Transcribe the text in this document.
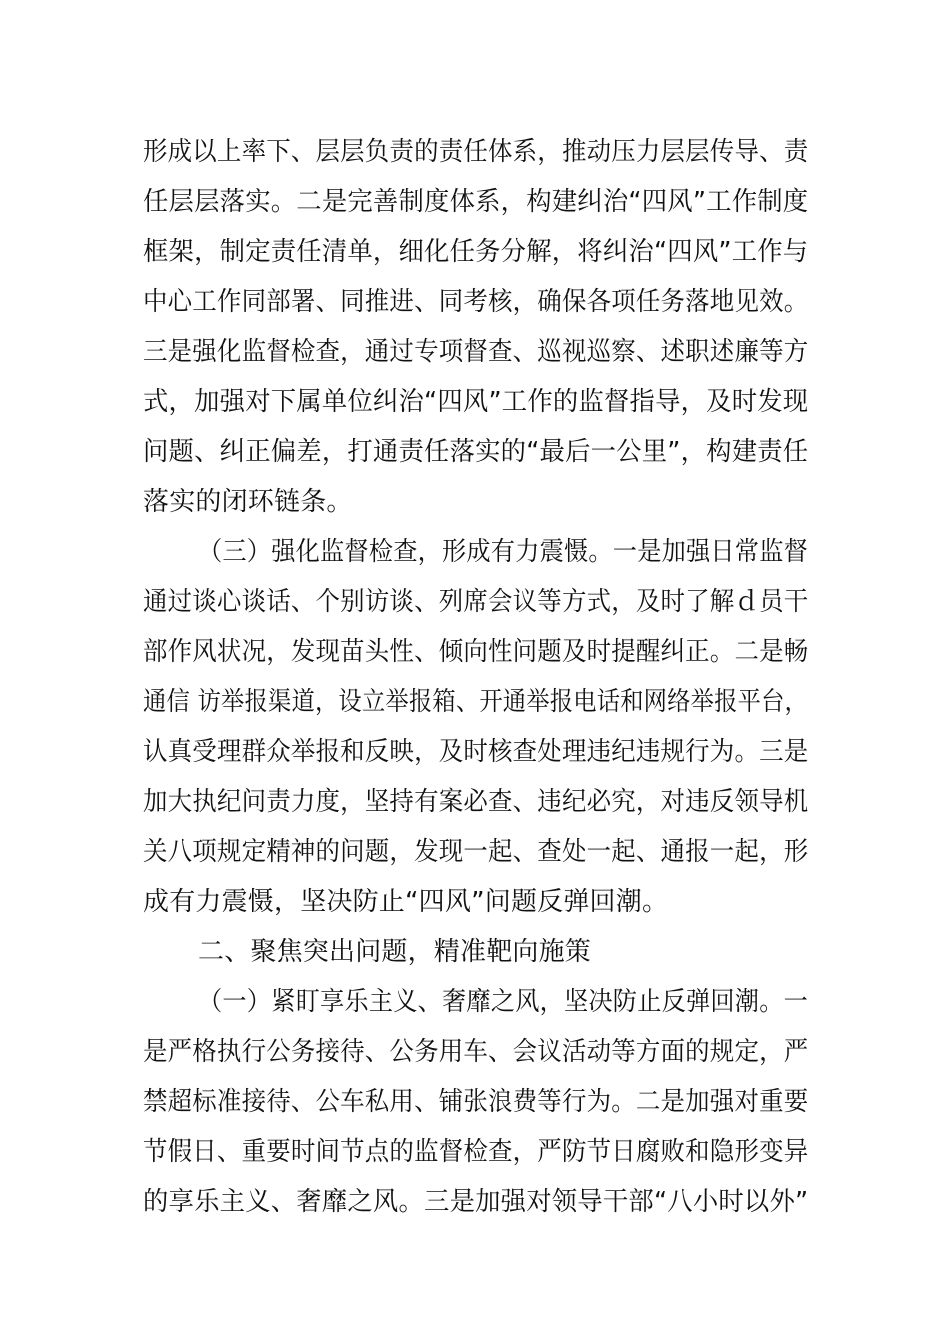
形成以上率下、层层负责的责任体系，推动压力层层传导、责
任层层落实。二是完善制度体系，构建纠治“四风”工作制度
框架，制定责任清单，细化任务分解，将纠治“四风”工作与
中心工作同部署、同推进、同考核，确保各项任务落地见效。
三是强化监督检查，通过专项督查、巡视巡察、述职述廉等方
式，加强对下属单位纠治“四风”工作的监督指导，及时发现
问题、纠正偏差，打通责任落实的“最后一公里”，构建责任
落实的闭环链条。
（三）强化监督检查，形成有力震慑。一是加强日常监督
通过谈心谈话、个别访谈、列席会议等方式，及时了解ｄ员干
部作风状况，发现苗头性、倾向性问题及时提醒纠正。二是畅
通信 访举报渠道，设立举报箱、开通举报电话和网络举报平台，
认真受理群众举报和反映，及时核查处理违纪违规行为。三是
加大执纪问责力度，坚持有案必查、违纪必究，对违反领导机
关八项规定精神的问题，发现一起、查处一起、通报一起，形
成有力震慑，坚决防止“四风”问题反弹回潮。
二、聚焦突出问题，精准靶向施策
（一）紧盯享乐主义、奢靡之风，坚决防止反弹回潮。一
是严格执行公务接待、公务用车、会议活动等方面的规定，严
禁超标准接待、公车私用、铺张浪费等行为。二是加强对重要
节假日、重要时间节点的监督检查，严防节日腐败和隐形变异
的享乐主义、奢靡之风。三是加强对领导干部“八小时以外”
